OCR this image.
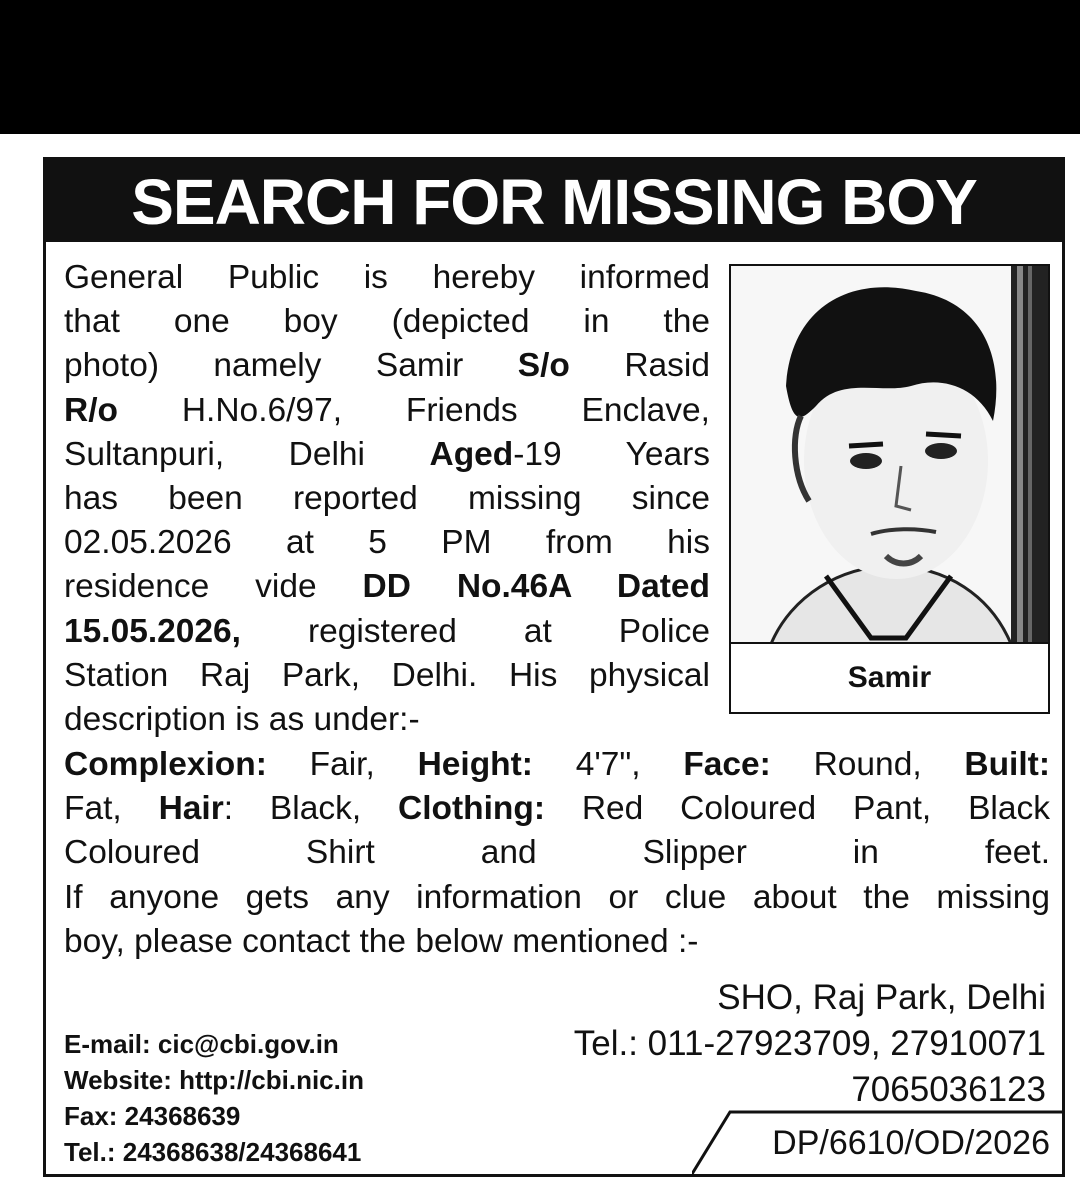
SEARCH FOR MISSING BOY
General Public is hereby informed
that one boy (depicted in the
photo) namely Samir S/o Rasid
R/o H.No.6/97, Friends Enclave,
Sultanpuri, Delhi Aged-19 Years
has been reported missing since
02.05.2026 at 5 PM from his
residence vide DD No.46A Dated
15.05.2026, registered at Police
Station Raj Park, Delhi. His physical
description is as under:-
Samir
Complexion: Fair, Height: 4'7", Face: Round, Built:
Fat, Hair: Black, Clothing: Red Coloured Pant, Black
Coloured Shirt and Slipper in feet.
If anyone gets any information or clue about the missing
boy, please contact the below mentioned :-
SHO, Raj Park, Delhi
Tel.: 011-27923709, 27910071
7065036123
E-mail: cic@cbi.gov.in
Website: http://cbi.nic.in
Fax: 24368639
Tel.: 24368638/24368641	DP/6610/OD/2026
